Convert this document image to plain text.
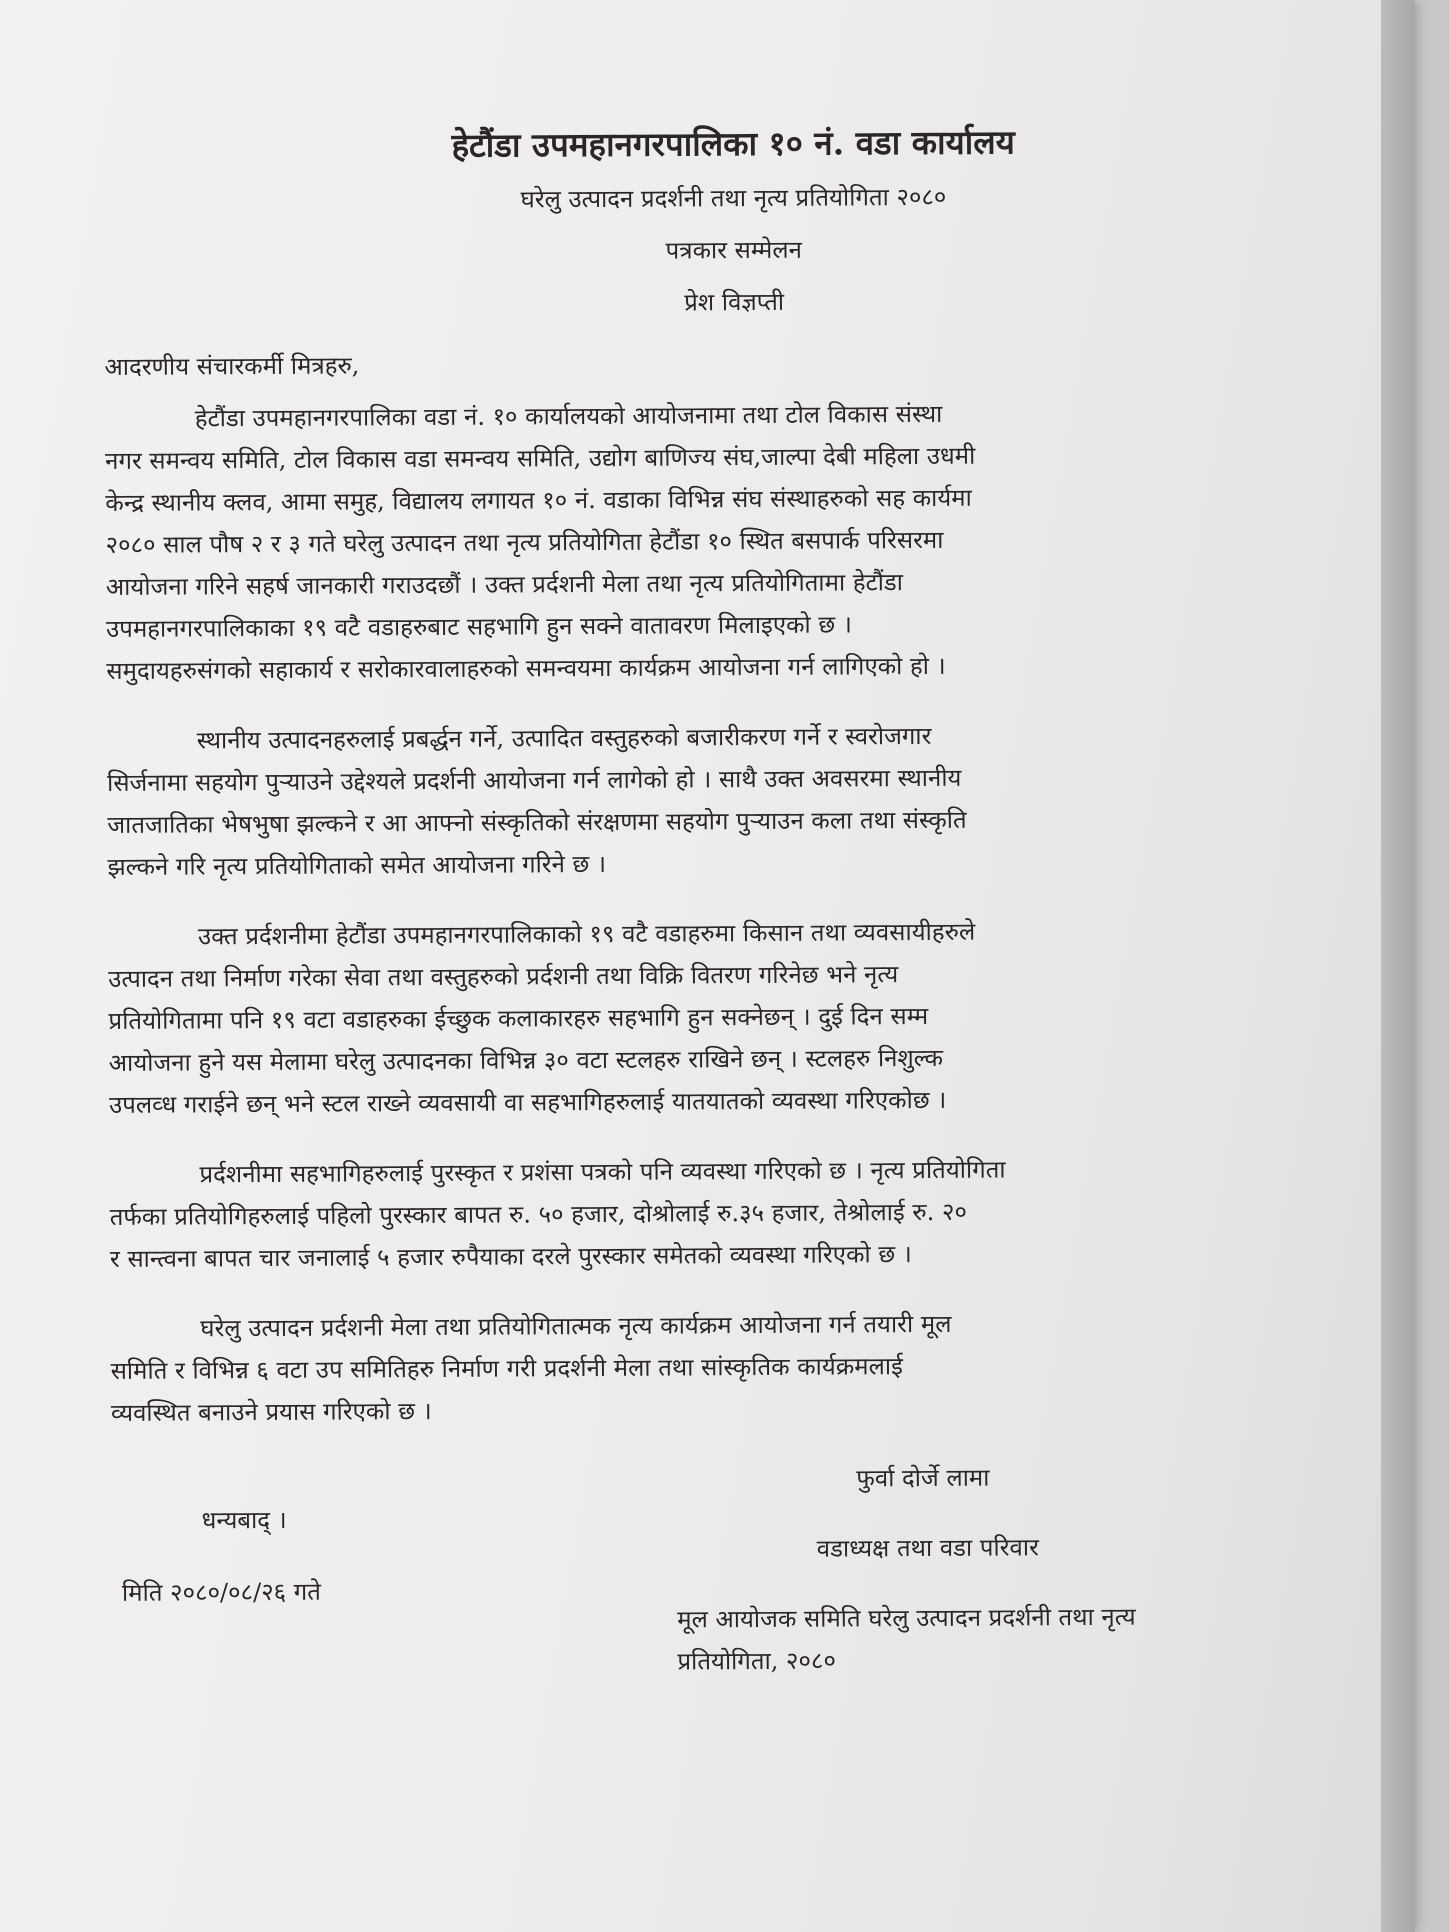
हेटौंडा उपमहानगरपालिका १० नं. वडा कार्यालय
घरेलु उत्पादन प्रदर्शनी तथा नृत्य प्रतियोगिता २०८०
पत्रकार सम्मेलन
प्रेश विज्ञप्ती
आदरणीय संचारकर्मी मित्रहरु,
हेटौंडा उपमहानगरपालिका वडा नं. १० कार्यालयको आयोजनामा तथा टोल विकास संस्था
नगर समन्वय समिति, टोल विकास वडा समन्वय समिति, उद्योग बाणिज्य संघ,जाल्पा देबी महिला उधमी
केन्द्र स्थानीय क्लव, आमा समुह, विद्यालय लगायत १० नं. वडाका विभिन्न संघ संस्थाहरुको सह कार्यमा
२०८० साल पौष २ र ३ गते घरेलु उत्पादन तथा नृत्य प्रतियोगिता हेटौंडा १० स्थित बसपार्क परिसरमा
आयोजना गरिने सहर्ष जानकारी गराउदछौं । उक्त प्रर्दशनी मेला तथा नृत्य प्रतियोगितामा हेटौंडा
उपमहानगरपालिकाका १९ वटै वडाहरुबाट सहभागि हुन सक्ने वातावरण मिलाइएको छ ।
समुदायहरुसंगको सहाकार्य र सरोकारवालाहरुको समन्वयमा कार्यक्रम आयोजना गर्न लागिएको हो ।
स्थानीय उत्पादनहरुलाई प्रबर्द्धन गर्ने, उत्पादित वस्तुहरुको बजारीकरण गर्ने र स्वरोजगार
सिर्जनामा सहयोग पुर्‍याउने उद्देश्यले प्रदर्शनी आयोजना गर्न लागेको हो । साथै उक्त अवसरमा स्थानीय
जातजातिका भेषभुषा झल्कने र आ आफ्नो संस्कृतिको संरक्षणमा सहयोग पुर्‍याउन कला तथा संस्कृति
झल्कने गरि नृत्य प्रतियोगिताको समेत आयोजना गरिने छ ।
उक्त प्रर्दशनीमा हेटौंडा उपमहानगरपालिकाको १९ वटै वडाहरुमा किसान तथा व्यवसायीहरुले
उत्पादन तथा निर्माण गरेका सेवा तथा वस्तुहरुको प्रर्दशनी तथा विक्रि वितरण गरिनेछ भने नृत्य
प्रतियोगितामा पनि १९ वटा वडाहरुका ईच्छुक कलाकारहरु सहभागि हुन सक्नेछन् । दुई दिन सम्म
आयोजना हुने यस मेलामा घरेलु उत्पादनका विभिन्न ३० वटा स्टलहरु राखिने छन् । स्टलहरु निशुल्क
उपलव्ध गराईने छन् भने स्टल राख्ने व्यवसायी वा सहभागिहरुलाई यातयातको व्यवस्था गरिएकोछ ।
प्रर्दशनीमा सहभागिहरुलाई पुरस्कृत र प्रशंसा पत्रको पनि व्यवस्था गरिएको छ । नृत्य प्रतियोगिता
तर्फका प्रतियोगिहरुलाई पहिलो पुरस्कार बापत रु. ५० हजार, दोश्रोलाई रु.३५ हजार, तेश्रोलाई रु. २०
र सान्त्वना बापत चार जनालाई ५ हजार रुपैयाका दरले पुरस्कार समेतको व्यवस्था गरिएको छ ।
घरेलु उत्पादन प्रर्दशनी मेला तथा प्रतियोगितात्मक नृत्य कार्यक्रम आयोजना गर्न तयारी मूल
समिति र विभिन्न ६ वटा उप समितिहरु निर्माण गरी प्रदर्शनी मेला तथा सांस्कृतिक कार्यक्रमलाई
व्यवस्थित बनाउने प्रयास गरिएको छ ।
धन्यबाद् ।
मिति २०८०/०८/२६ गते
फुर्वा दोर्जे लामा
वडाध्यक्ष तथा वडा परिवार
मूल आयोजक समिति घरेलु उत्पादन प्रदर्शनी तथा नृत्य
प्रतियोगिता, २०८०
